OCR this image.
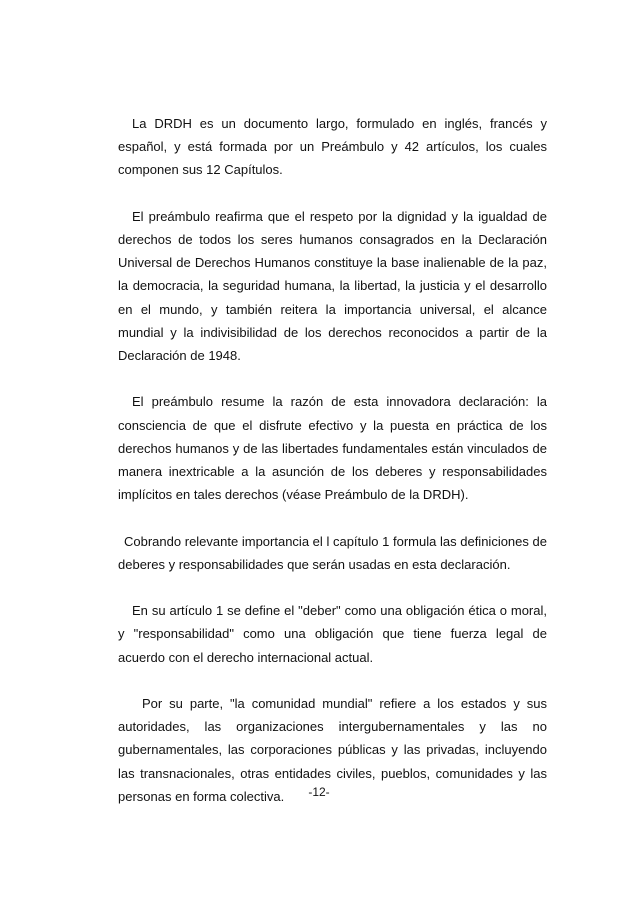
La DRDH es un documento largo, formulado en inglés, francés y español, y está formada por un Preámbulo y 42 artículos, los cuales componen sus 12 Capítulos.

El preámbulo reafirma que el respeto por la dignidad y la igualdad de derechos de todos los seres humanos consagrados en la Declaración Universal de Derechos Humanos constituye la base inalienable de la paz, la democracia, la seguridad humana, la libertad, la justicia y el desarrollo en el mundo, y también reitera la importancia universal, el alcance mundial y la indivisibilidad de los derechos reconocidos a partir de la Declaración de 1948.

El preámbulo resume la razón de esta innovadora declaración: la consciencia de que el disfrute efectivo y la puesta en práctica de los derechos humanos y de las libertades fundamentales están vinculados de manera inextricable a la asunción de los deberes y responsabilidades implícitos en tales derechos (véase Preámbulo de la DRDH).

Cobrando relevante importancia el l capítulo 1 formula las definiciones de deberes y responsabilidades que serán usadas en esta declaración.

En su artículo 1 se define el "deber" como una obligación ética o moral, y "responsabilidad" como una obligación que tiene fuerza legal de acuerdo con el derecho internacional actual.

Por su parte, "la comunidad mundial" refiere a los estados y sus autoridades, las organizaciones intergubernamentales y las no gubernamentales, las corporaciones públicas y las privadas, incluyendo las transnacionales, otras entidades civiles, pueblos, comunidades y las personas en forma colectiva.	-12-
